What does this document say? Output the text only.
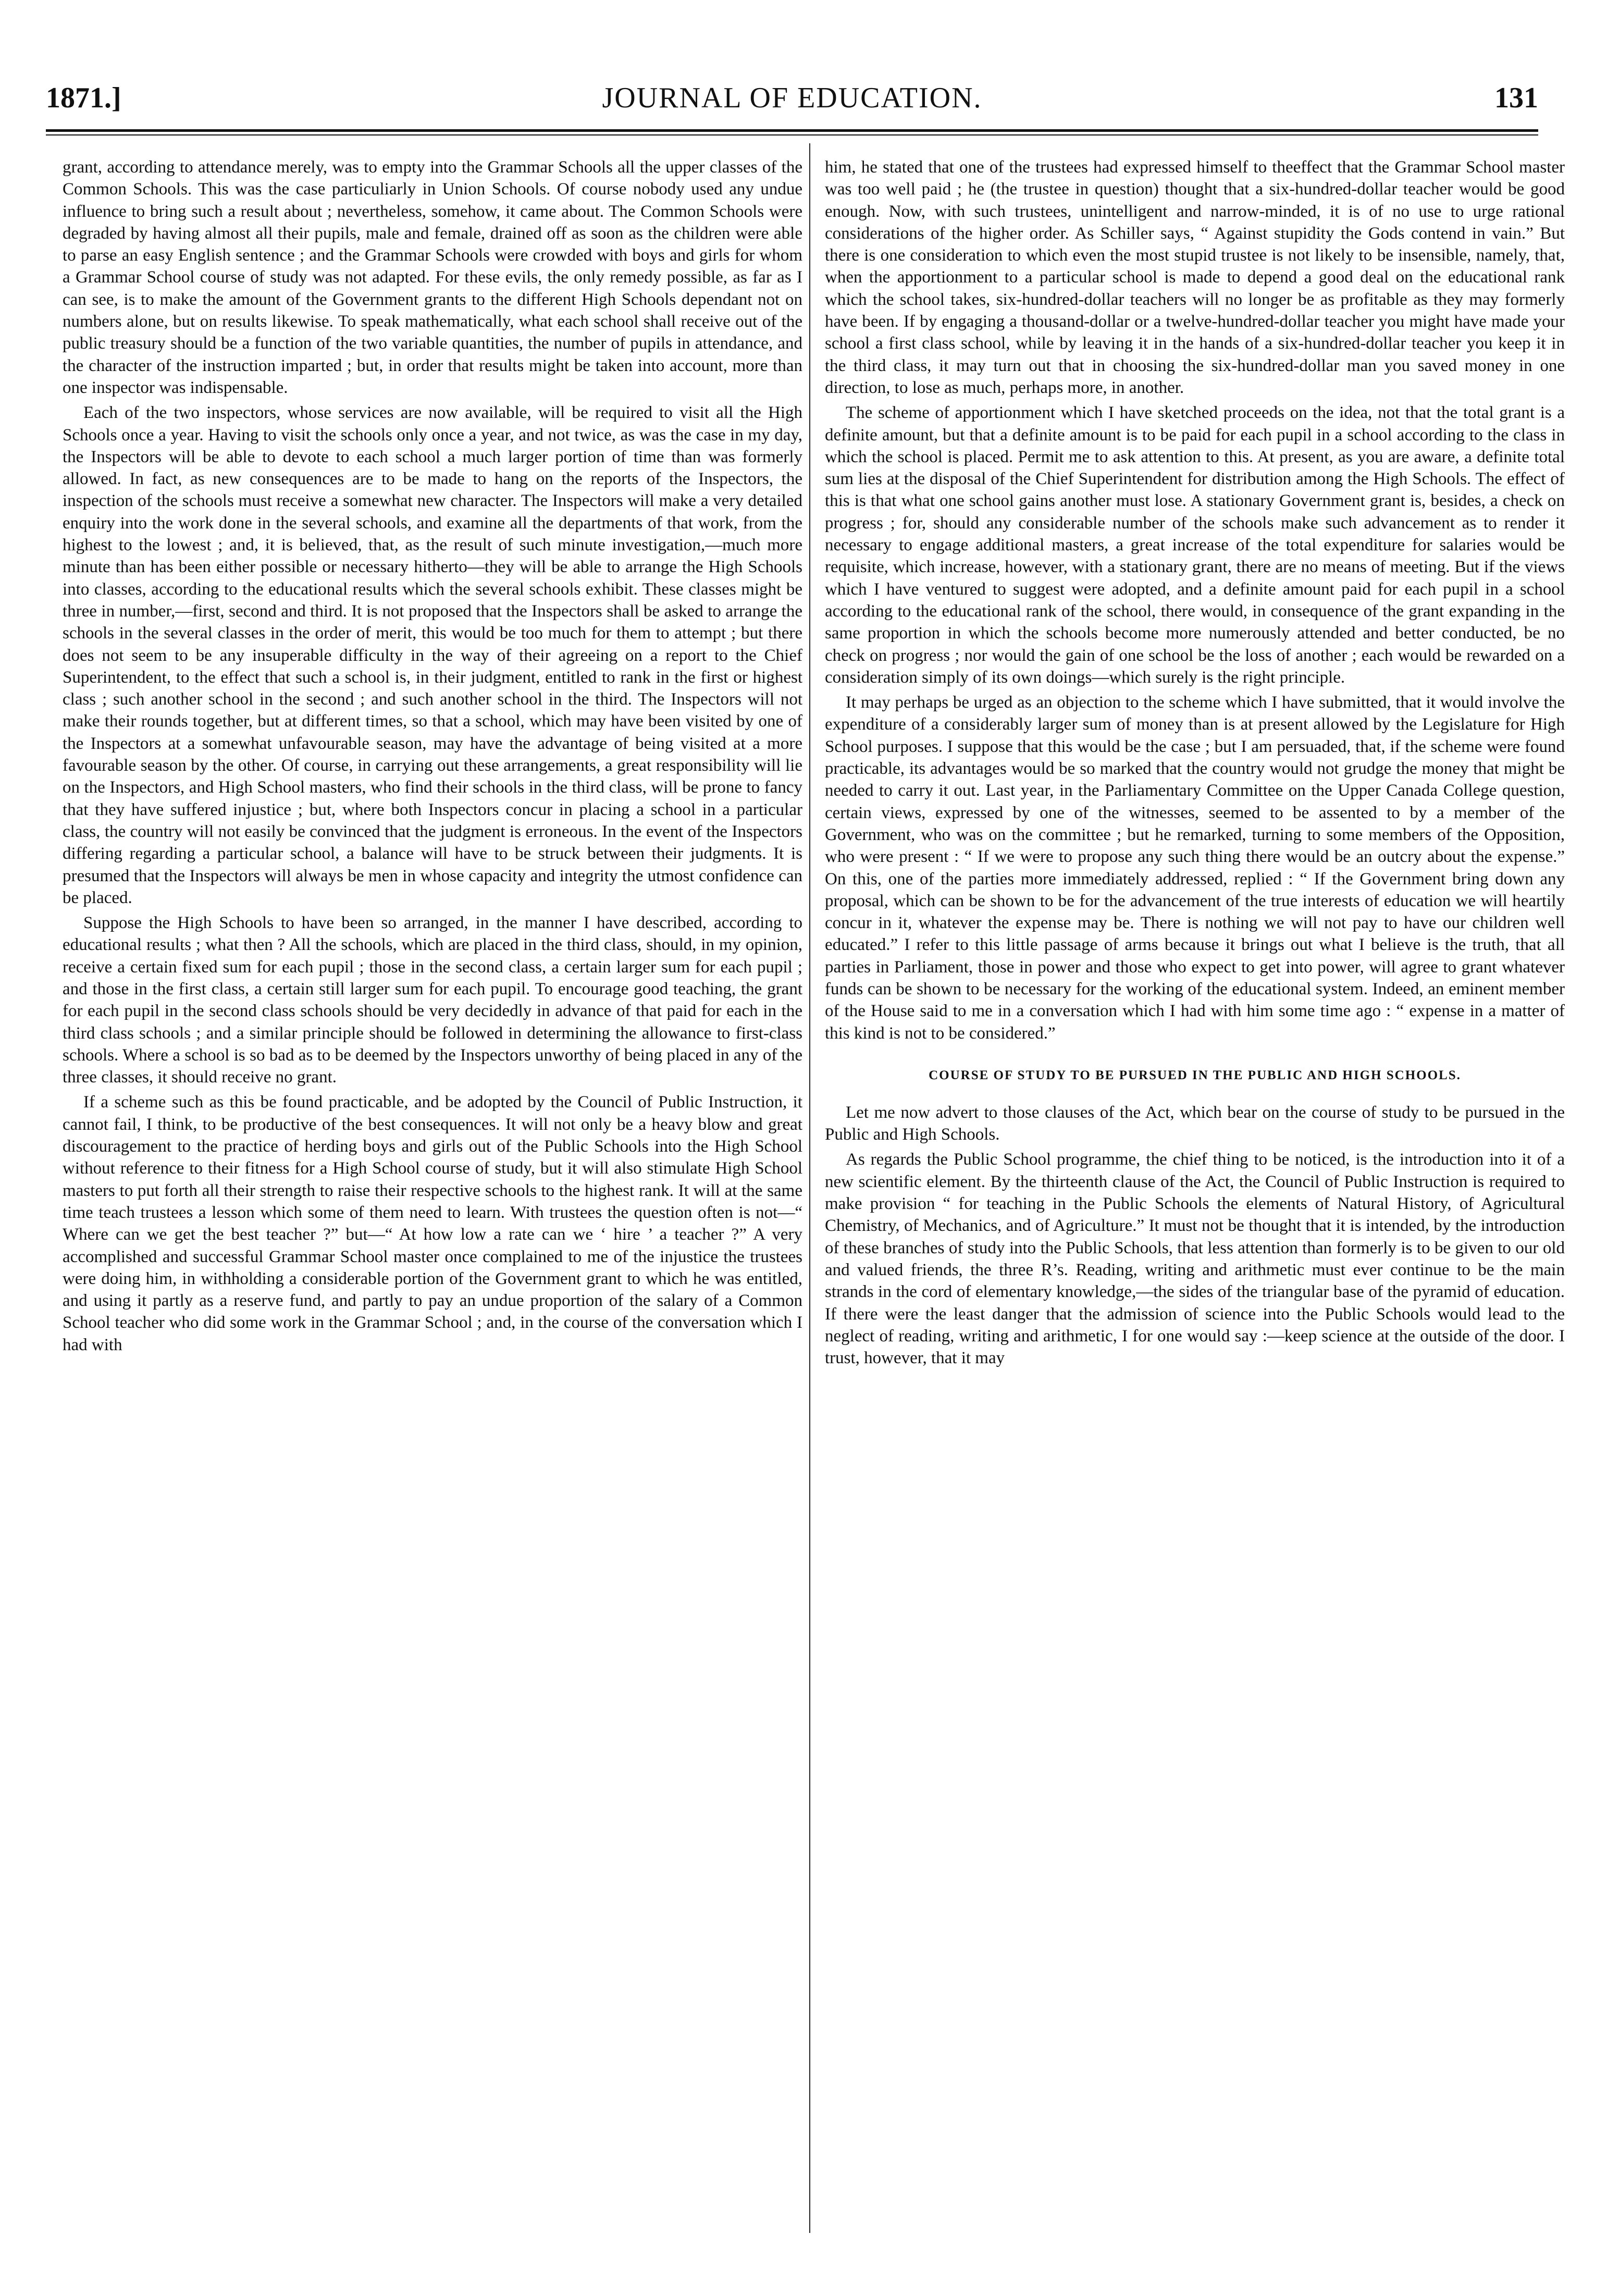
1871.]	JOURNAL OF EDUCATION.	131

grant, according to attendance merely, was to empty into the Grammar Schools all the upper classes of the Common Schools. This was the case particuliarly in Union Schools. Of course nobody used any undue influence to bring such a result about ; nevertheless, somehow, it came about. The Common Schools were degraded by having almost all their pupils, male and female, drained off as soon as the children were able to parse an easy English sentence ; and the Grammar Schools were crowded with boys and girls for whom a Grammar School course of study was not adapted. For these evils, the only remedy possible, as far as I can see, is to make the amount of the Government grants to the different High Schools dependant not on numbers alone, but on results likewise. To speak mathematically, what each school shall receive out of the public treasury should be a function of the two variable quantities, the number of pupils in attendance, and the character of the instruction imparted ; but, in order that results might be taken into account, more than one inspector was indispensable.

Each of the two inspectors, whose services are now available, will be required to visit all the High Schools once a year. Having to visit the schools only once a year, and not twice, as was the case in my day, the Inspectors will be able to devote to each school a much larger portion of time than was formerly allowed. In fact, as new consequences are to be made to hang on the reports of the Inspectors, the inspection of the schools must receive a somewhat new character. The Inspectors will make a very detailed enquiry into the work done in the several schools, and examine all the departments of that work, from the highest to the lowest ; and, it is believed, that, as the result of such minute investigation,—much more minute than has been either possible or necessary hitherto—they will be able to arrange the High Schools into classes, according to the educational results which the several schools exhibit. These classes might be three in number,—first, second and third. It is not proposed that the Inspectors shall be asked to arrange the schools in the several classes in the order of merit, this would be too much for them to attempt ; but there does not seem to be any insuperable difficulty in the way of their agreeing on a report to the Chief Superintendent, to the effect that such a school is, in their judgment, entitled to rank in the first or highest class ; such another school in the second ; and such another school in the third. The Inspectors will not make their rounds together, but at different times, so that a school, which may have been visited by one of the Inspectors at a somewhat unfavourable season, may have the advantage of being visited at a more favourable season by the other. Of course, in carrying out these arrangements, a great responsibility will lie on the Inspectors, and High School masters, who find their schools in the third class, will be prone to fancy that they have suffered injustice ; but, where both Inspectors concur in placing a school in a particular class, the country will not easily be convinced that the judgment is erroneous. In the event of the Inspectors differing regarding a particular school, a balance will have to be struck between their judgments. It is presumed that the Inspectors will always be men in whose capacity and integrity the utmost confidence can be placed.

Suppose the High Schools to have been so arranged, in the manner I have described, according to educational results ; what then ? All the schools, which are placed in the third class, should, in my opinion, receive a certain fixed sum for each pupil ; those in the second class, a certain larger sum for each pupil ; and those in the first class, a certain still larger sum for each pupil. To encourage good teaching, the grant for each pupil in the second class schools should be very decidedly in advance of that paid for each in the third class schools ; and a similar principle should be followed in determining the allowance to first-class schools. Where a school is so bad as to be deemed by the Inspectors unworthy of being placed in any of the three classes, it should receive no grant.

If a scheme such as this be found practicable, and be adopted by the Council of Public Instruction, it cannot fail, I think, to be productive of the best consequences. It will not only be a heavy blow and great discouragement to the practice of herding boys and girls out of the Public Schools into the High School without reference to their fitness for a High School course of study, but it will also stimulate High School masters to put forth all their strength to raise their respective schools to the highest rank. It will at the same time teach trustees a lesson which some of them need to learn. With trustees the question often is not—“ Where can we get the best teacher ?” but—“ At how low a rate can we ‘ hire ’ a teacher ?” A very accomplished and successful Grammar School master once complained to me of the injustice the trustees were doing him, in withholding a considerable portion of the Government grant to which he was entitled, and using it partly as a reserve fund, and partly to pay an undue proportion of the salary of a Common School teacher who did some work in the Grammar School ; and, in the course of the conversation which I had with

him, he stated that one of the trustees had expressed himself to theeffect that the Grammar School master was too well paid ; he (the trustee in question) thought that a six-hundred-dollar teacher would be good enough. Now, with such trustees, unintelligent and narrow-minded, it is of no use to urge rational considerations of the higher order. As Schiller says, “ Against stupidity the Gods contend in vain.” But there is one consideration to which even the most stupid trustee is not likely to be insensible, namely, that, when the apportionment to a particular school is made to depend a good deal on the educational rank which the school takes, six-hundred-dollar teachers will no longer be as profitable as they may formerly have been. If by engaging a thousand-dollar or a twelve-hundred-dollar teacher you might have made your school a first class school, while by leaving it in the hands of a six-hundred-dollar teacher you keep it in the third class, it may turn out that in choosing the six-hundred-dollar man you saved money in one direction, to lose as much, perhaps more, in another.

The scheme of apportionment which I have sketched proceeds on the idea, not that the total grant is a definite amount, but that a definite amount is to be paid for each pupil in a school according to the class in which the school is placed. Permit me to ask attention to this. At present, as you are aware, a definite total sum lies at the disposal of the Chief Superintendent for distribution among the High Schools. The effect of this is that what one school gains another must lose. A stationary Government grant is, besides, a check on progress ; for, should any considerable number of the schools make such advancement as to render it necessary to engage additional masters, a great increase of the total expenditure for salaries would be requisite, which increase, however, with a stationary grant, there are no means of meeting. But if the views which I have ventured to suggest were adopted, and a definite amount paid for each pupil in a school according to the educational rank of the school, there would, in consequence of the grant expanding in the same proportion in which the schools become more numerously attended and better conducted, be no check on progress ; nor would the gain of one school be the loss of another ; each would be rewarded on a consideration simply of its own doings—which surely is the right principle.

It may perhaps be urged as an objection to the scheme which I have submitted, that it would involve the expenditure of a considerably larger sum of money than is at present allowed by the Legislature for High School purposes. I suppose that this would be the case ; but I am persuaded, that, if the scheme were found practicable, its advantages would be so marked that the country would not grudge the money that might be needed to carry it out. Last year, in the Parliamentary Committee on the Upper Canada College question, certain views, expressed by one of the witnesses, seemed to be assented to by a member of the Government, who was on the committee ; but he remarked, turning to some members of the Opposition, who were present : “ If we were to propose any such thing there would be an outcry about the expense.” On this, one of the parties more immediately addressed, replied : “ If the Government bring down any proposal, which can be shown to be for the advancement of the true interests of education we will heartily concur in it, whatever the expense may be. There is nothing we will not pay to have our children well educated.” I refer to this little passage of arms because it brings out what I believe is the truth, that all parties in Parliament, those in power and those who expect to get into power, will agree to grant whatever funds can be shown to be necessary for the working of the educational system. Indeed, an eminent member of the House said to me in a conversation which I had with him some time ago : “ expense in a matter of this kind is not to be considered.”

COURSE OF STUDY TO BE PURSUED IN THE PUBLIC AND HIGH SCHOOLS.

Let me now advert to those clauses of the Act, which bear on the course of study to be pursued in the Public and High Schools.

As regards the Public School programme, the chief thing to be noticed, is the introduction into it of a new scientific element. By the thirteenth clause of the Act, the Council of Public Instruction is required to make provision “ for teaching in the Public Schools the elements of Natural History, of Agricultural Chemistry, of Mechanics, and of Agriculture.” It must not be thought that it is intended, by the introduction of these branches of study into the Public Schools, that less attention than formerly is to be given to our old and valued friends, the three R’s. Reading, writing and arithmetic must ever continue to be the main strands in the cord of elementary knowledge,—the sides of the triangular base of the pyramid of education. If there were the least danger that the admission of science into the Public Schools would lead to the neglect of reading, writing and arithmetic, I for one would say :—keep science at the outside of the door. I trust, however, that it may
